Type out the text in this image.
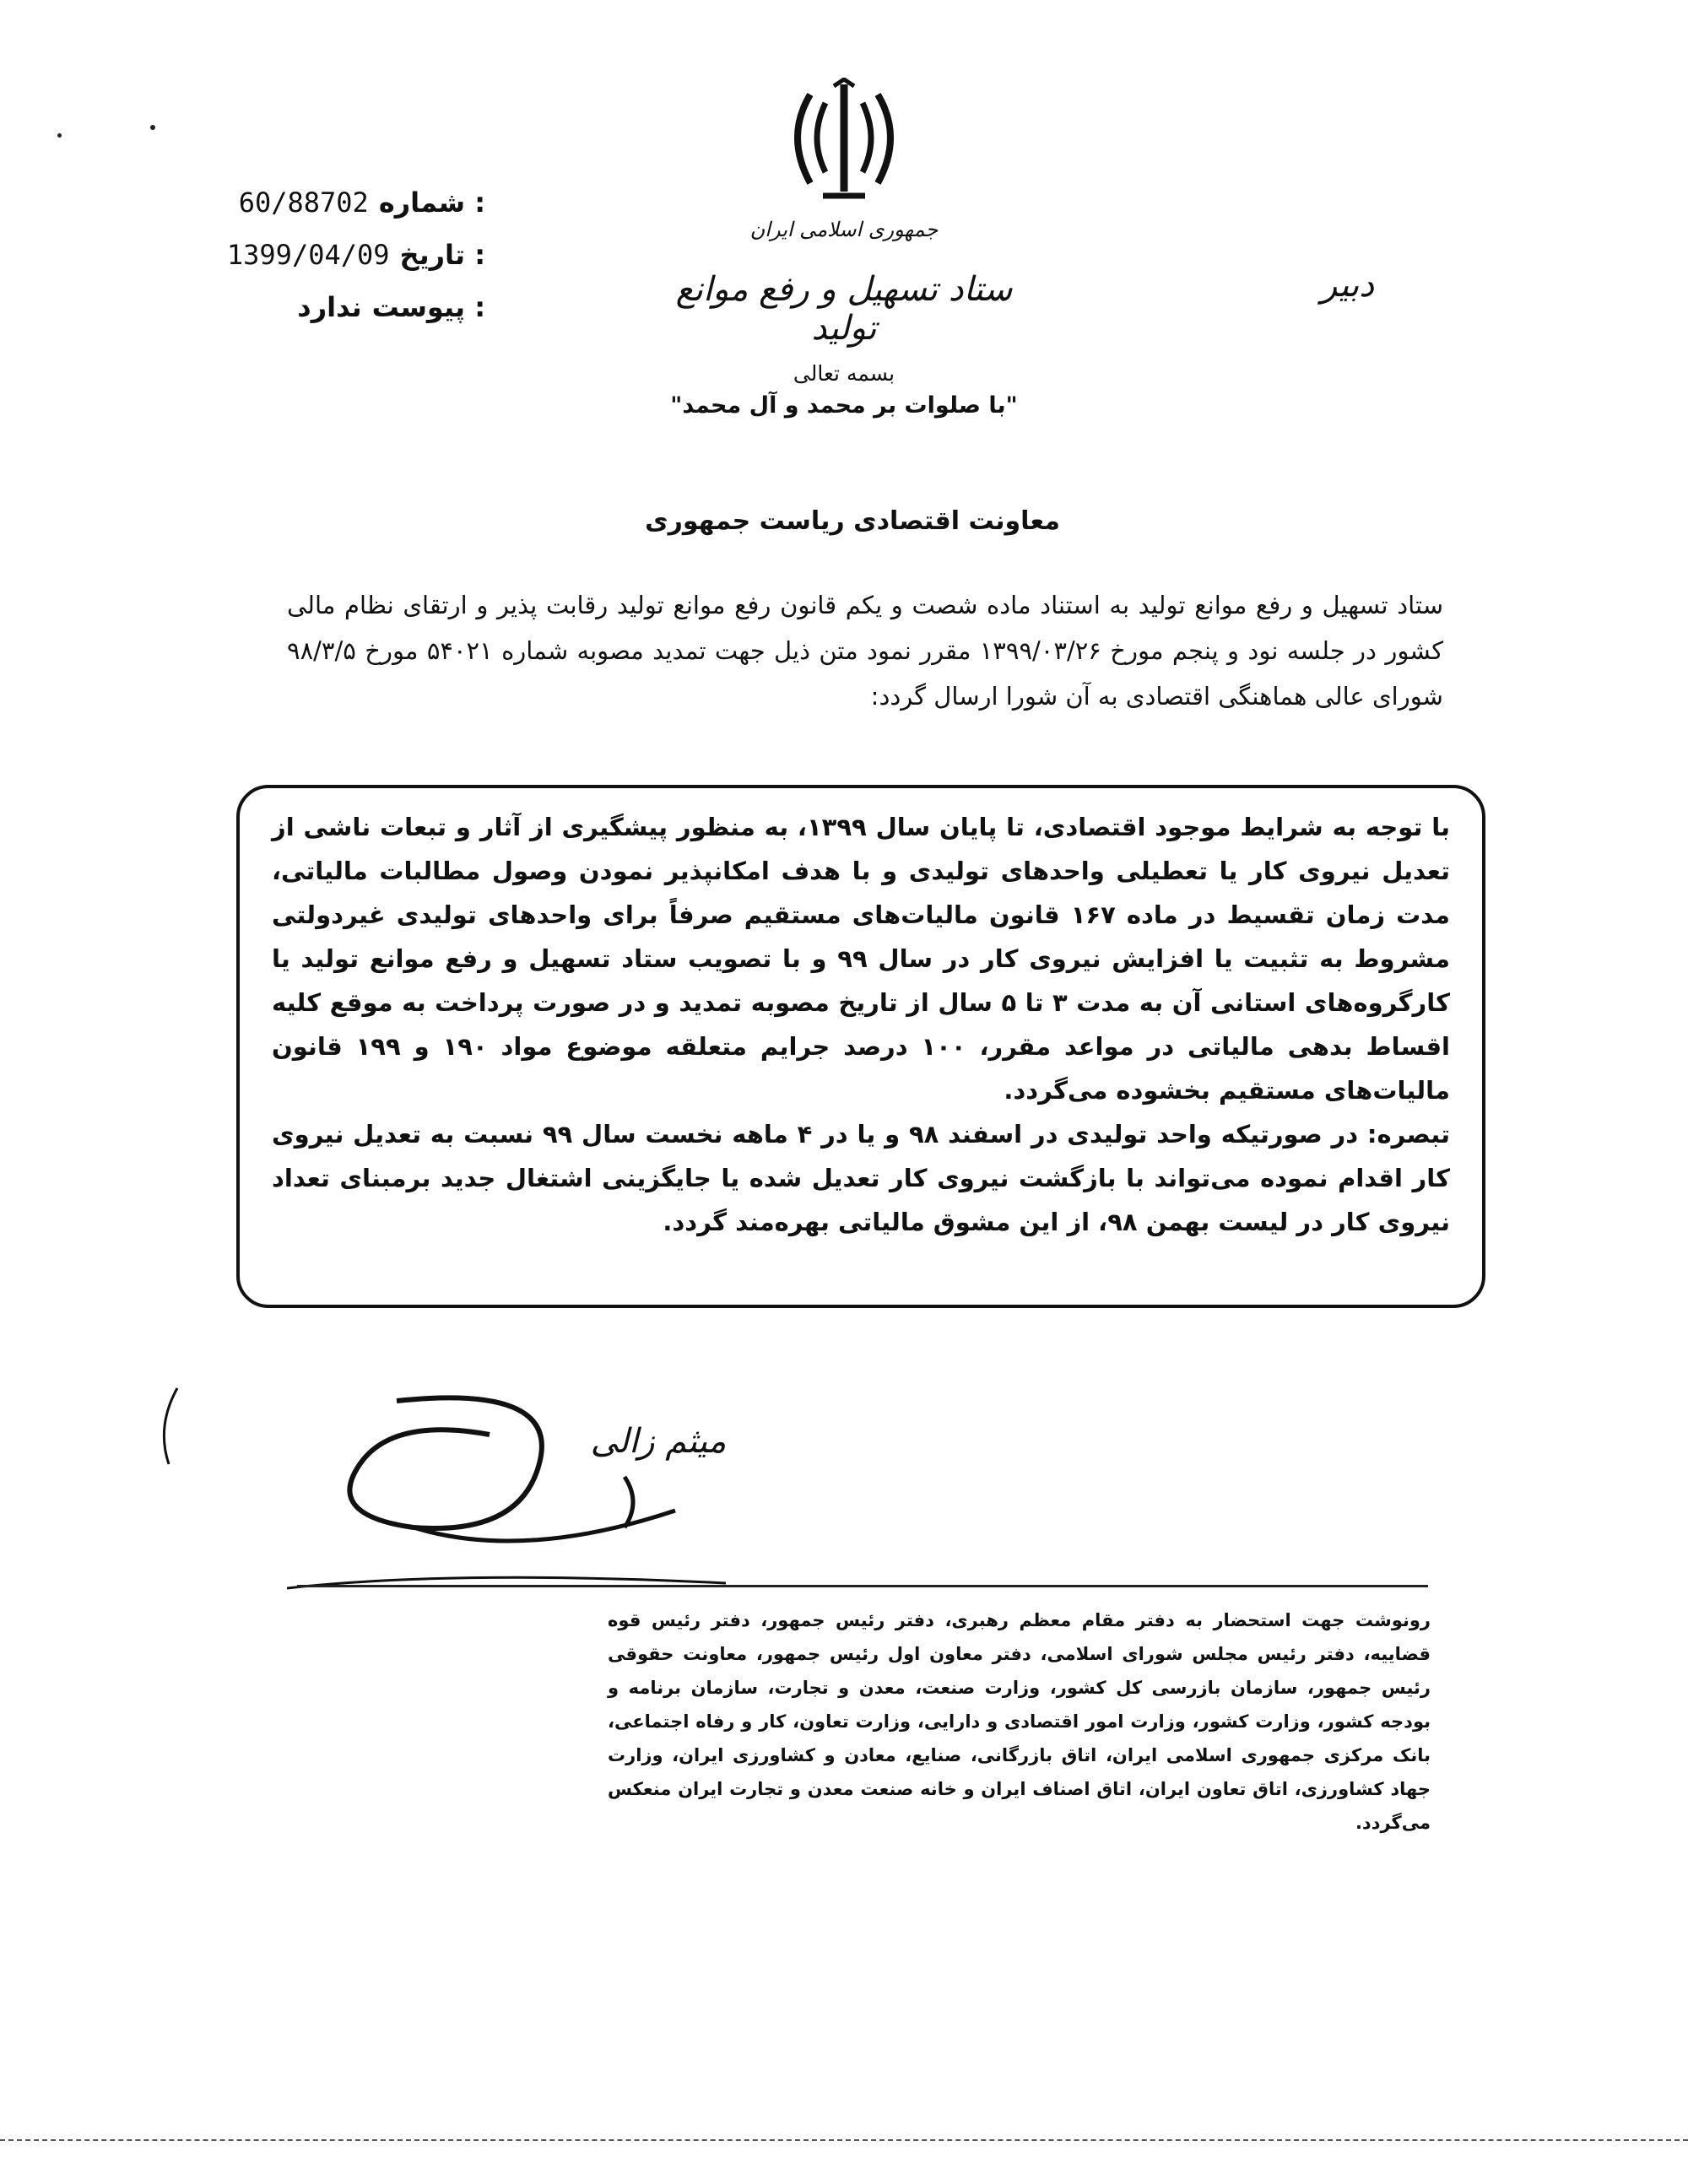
جمهوری اسلامی ایران
ستاد تسهیل و رفع موانع تولید
دبیر
60/88702 شماره :
1399/04/09 تاریخ :
ندارد پیوست :
بسمه تعالی
"با صلوات بر محمد و آل محمد"
معاونت اقتصادی ریاست جمهوری
ستاد تسهیل و رفع موانع تولید به استناد ماده شصت و یکم قانون رفع موانع تولید رقابت پذیر و ارتقای نظام مالی کشور در جلسه نود و پنجم مورخ ۱۳۹۹/۰۳/۲۶ مقرر نمود متن ذیل جهت تمدید مصوبه شماره ۵۴۰۲۱ مورخ ۹۸/۳/۵ شورای عالی هماهنگی اقتصادی به آن شورا ارسال گردد:

با توجه به شرایط موجود اقتصادی، تا پایان سال ۱۳۹۹، به منظور پیشگیری از آثار و تبعات ناشی از تعدیل نیروی کار یا تعطیلی واحدهای تولیدی و با هدف امکانپذیر نمودن وصول مطالبات مالیاتی، مدت زمان تقسیط در ماده ۱۶۷ قانون مالیات‌های مستقیم صرفاً برای واحدهای تولیدی غیردولتی مشروط به تثبیت یا افزایش نیروی کار در سال ۹۹ و با تصویب ستاد تسهیل و رفع موانع تولید یا کارگروه‌های استانی آن به مدت ۳ تا ۵ سال از تاریخ مصوبه تمدید و در صورت پرداخت به موقع کلیه اقساط بدهی مالیاتی در مواعد مقرر، ۱۰۰ درصد جرایم متعلقه موضوع مواد ۱۹۰ و ۱۹۹ قانون مالیات‌های مستقیم بخشوده می‌گردد.

تبصره: در صورتیکه واحد تولیدی در اسفند ۹۸ و یا در ۴ ماهه نخست سال ۹۹ نسبت به تعدیل نیروی کار اقدام نموده می‌تواند با بازگشت نیروی کار تعدیل شده یا جایگزینی اشتغال جدید برمبنای تعداد نیروی کار در لیست بهمن ۹۸، از این مشوق مالیاتی بهره‌مند گردد.

میثم زالی
رونوشت جهت استحضار به دفتر مقام معظم رهبری، دفتر رئیس جمهور، دفتر رئیس قوه قضاییه، دفتر رئیس مجلس شورای اسلامی، دفتر معاون اول رئیس جمهور، معاونت حقوقی رئیس جمهور، سازمان بازرسی کل کشور، وزارت صنعت، معدن و تجارت، سازمان برنامه و بودجه کشور، وزارت کشور، وزارت امور اقتصادی و دارایی، وزارت تعاون، کار و رفاه اجتماعی، بانک مرکزی جمهوری اسلامی ایران، اتاق بازرگانی، صنایع، معادن و کشاورزی ایران، وزارت جهاد کشاورزی، اتاق تعاون ایران، اتاق اصناف ایران و خانه صنعت معدن و تجارت ایران منعکس می‌گردد.
